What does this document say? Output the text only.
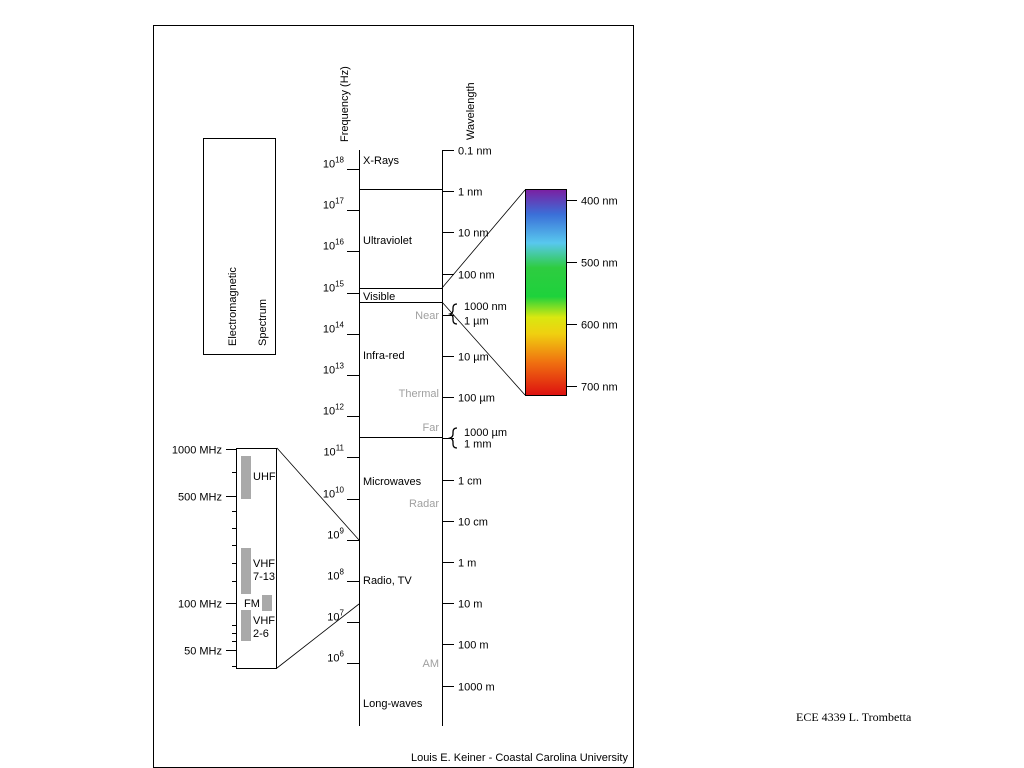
Electromagnetic Spectrum
Frequency (Hz)	Wavelength
$10^{18}$
$10^{17}$
$10^{16}$
$10^{15}$
$10^{14}$
$10^{13}$
$10^{12}$
$10^{11}$
$10^{10}$
$10^9$
$10^8$
$10^7$
$10^6$
0.1 nm
1 nm
10 nm
100 nm
1 µm
10 µm
100 µm
1 mm
1 cm
10 cm
1 m
10 m
100 m
1000 m
1000 nm
1000 µm
X-Rays
Ultraviolet
Visible
Infra-red
Microwaves
Radio, TV
Long-waves
Near
Thermal
Far
Radar
AM
400 nm
500 nm
600 nm
700 nm
1000 MHz
500 MHz
100 MHz
50 MHz
UHF
VHF 7-13
FM
VHF 2-6
Louis E. Keiner - Coastal Carolina University
ECE 4339 L. Trombetta
